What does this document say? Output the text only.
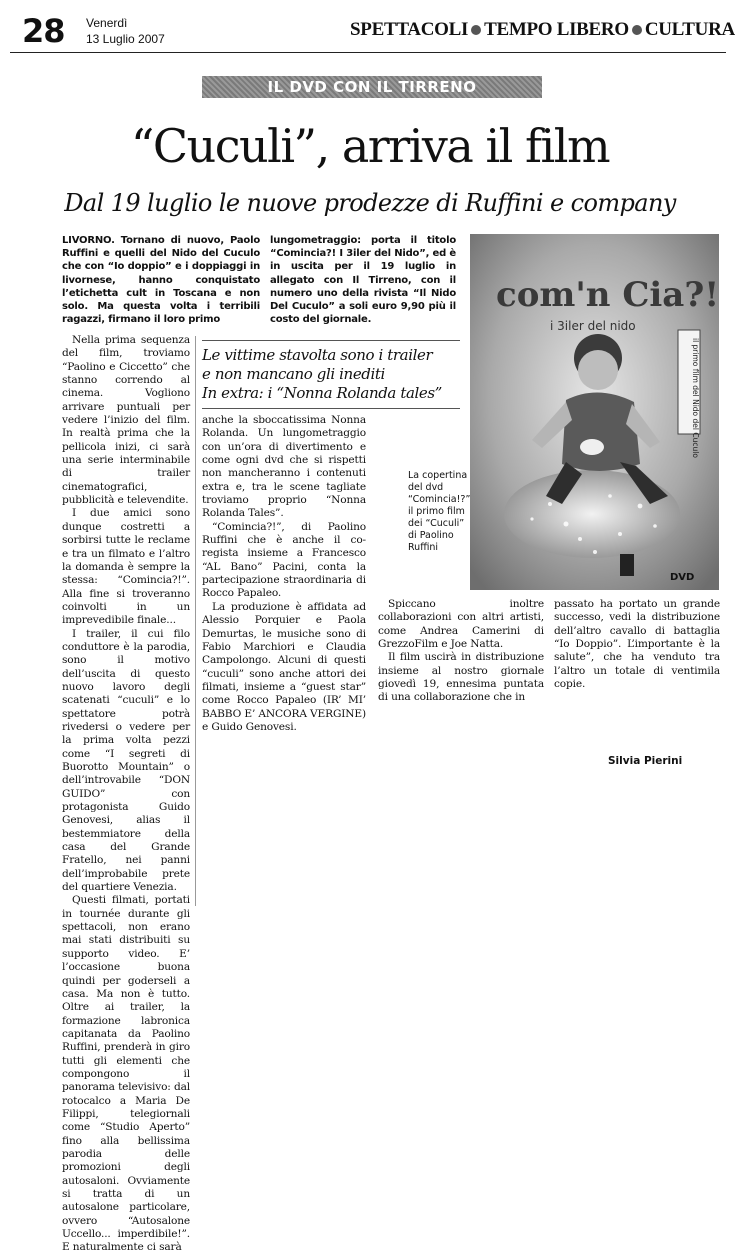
28 Venerdì
13 Luglio 2007	SPETTACOLI TEMPO LIBERO CULTURA
IL DVD CON IL TIRRENO
“Cuculi”, arriva il film
Dal 19 luglio le nuove prodezze di Ruffini e company
LIVORNO. Tornano di nuovo, Paolo Ruffini e quelli del Nido del Cuculo che con “Io doppio” e i doppiaggi in livornese, hanno conquistato l’etichetta cult in Toscana e non solo. Ma questa volta i terribili ragazzi, firmano il loro primo
lungometraggio: porta il titolo “Comincia?! I 3iler del Nido”, ed è in uscita per il 19 luglio in allegato con Il Tirreno, con il numero uno della rivista “Il Nido Del Cuculo” a soli euro 9,90 più il costo del giornale.

Nella prima sequenza del film, troviamo “Paolino e Ciccetto” che stanno correndo al cinema. Vogliono arrivare puntuali per vedere l’inizio del film. In realtà prima che la pellicola inizi, ci sarà una serie interminabile di trailer cinematografici, pubblicità e televendite.

I due amici sono dunque costretti a sorbirsi tutte le reclame e tra un filmato e l’altro la domanda è sempre la stessa: “Comincia?!”. Alla fine si troveranno coinvolti in un imprevedibile finale...

I trailer, il cui filo conduttore è la parodia, sono il motivo dell’uscita di questo nuovo lavoro degli scatenati “cuculi” e lo spettatore potrà rivedersi o vedere per la prima volta pezzi come “I segreti di Buorotto Mountain” o dell’introvabile “DON GUIDO” con protagonista Guido Genovesi, alias il bestemmiatore della casa del Grande Fratello, nei panni dell’improbabile prete del quartiere Venezia.

Questi filmati, portati in tournée durante gli spettacoli, non erano mai stati distribuiti su supporto video. E’ l’occasione buona quindi per goderseli a casa. Ma non è tutto. Oltre ai trailer, la formazione labronica capitanata da Paolino Ruffini, prenderà in giro tutti gli elementi che compongono il panorama televisivo: dal rotocalco a Maria De Filippi, telegiornali come “Studio Aperto” fino alla bellissima parodia delle promozioni degli autosaloni. Ovviamente si tratta di un autosalone particolare, ovvero “Autosalone Uccello... imperdibile!”. E naturalmente ci sarà

Le vittime stavolta sono i trailer
e non mancano gli inediti
In extra: i “Nonna Rolanda tales”

anche la sboccatissima Nonna Rolanda. Un lungometraggio con un’ora di divertimento e come ogni dvd che si rispetti non mancheranno i contenuti extra e, tra le scene tagliate troviamo proprio “Nonna Rolanda Tales”.

“Comincia?!”, di Paolino Ruffini che è anche il co-regista insieme a Francesco “AL Bano” Pacini, conta la partecipazione straordinaria di Rocco Papaleo.

La produzione è affidata ad Alessio Porquier e Paola Demurtas, le musiche sono di Fabio Marchiori e Claudia Campolongo. Alcuni di questi “cuculi” sono anche attori dei filmati, insieme a “guest star” come Rocco Papaleo (IR’ MI’ BABBO E’ ANCORA VERGINE) e Guido Genovesi.

La copertina del dvd “Comincia!?” il primo film dei “Cuculi” di Paolino Ruffini
com'n Cia?!
i 3iler del nido
il primo film del Nido del Cuculo
DVD

Spiccano inoltre collaborazioni con altri artisti, come Andrea Camerini di GrezzoFilm e Joe Natta.

Il film uscirà in distribuzione insieme al nostro giornale giovedì 19, ennesima puntata di una collaborazione che in

passato ha portato un grande successo, vedi la distribuzione dell’altro cavallo di battaglia “Io Doppio”. L’importante è la salute”, che ha venduto tra l’altro un totale di ventimila copie.

Silvia Pierini
